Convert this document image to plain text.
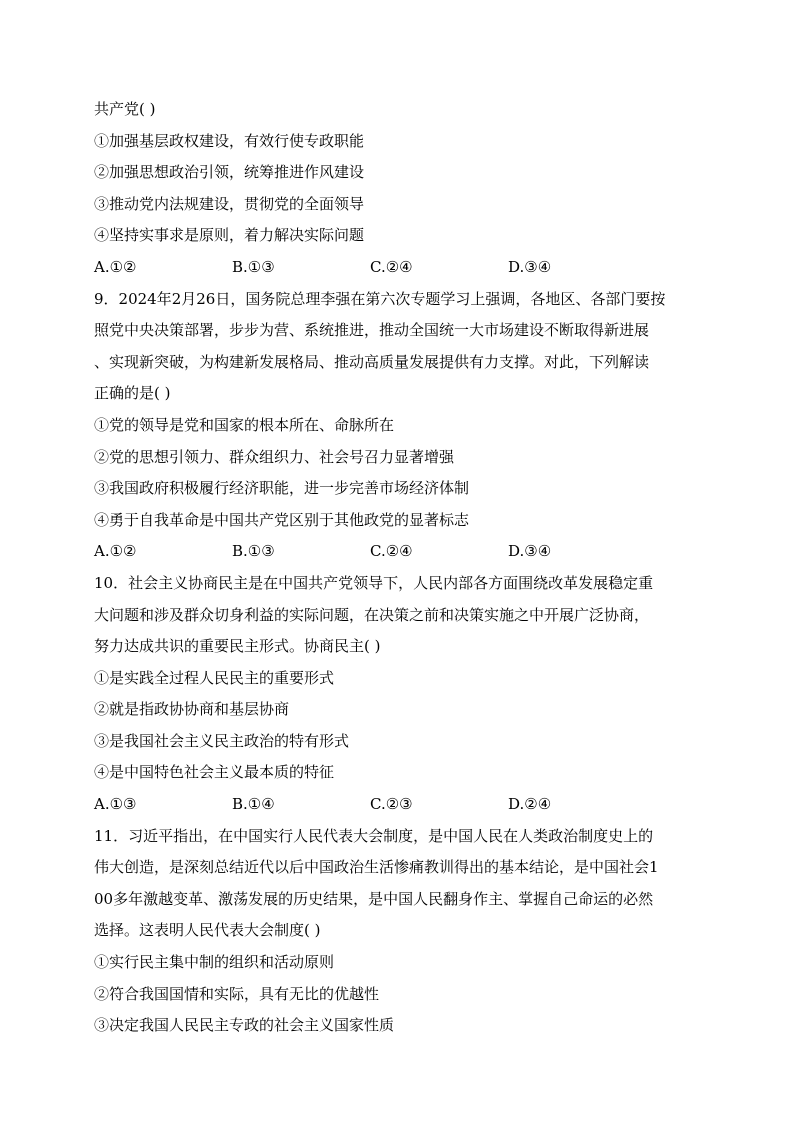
共产党( )
①加强基层政权建设，有效行使专政职能
②加强思想政治引领，统筹推进作风建设
③推动党内法规建设，贯彻党的全面领导
④坚持实事求是原则，着力解决实际问题
A.①②	B.①③	C.②④	D.③④
9．2024年2月26日，国务院总理李强在第六次专题学习上强调，各地区、各部门要按
照党中央决策部署，步步为营、系统推进，推动全国统一大市场建设不断取得新进展
、实现新突破，为构建新发展格局、推动高质量发展提供有力支撑。对此，下列解读
正确的是( )
①党的领导是党和国家的根本所在、命脉所在
②党的思想引领力、群众组织力、社会号召力显著增强
③我国政府积极履行经济职能，进一步完善市场经济体制
④勇于自我革命是中国共产党区别于其他政党的显著标志
A.①②	B.①③	C.②④	D.③④
10．社会主义协商民主是在中国共产党领导下，人民内部各方面围绕改革发展稳定重
大问题和涉及群众切身利益的实际问题，在决策之前和决策实施之中开展广泛协商，
努力达成共识的重要民主形式。协商民主( )
①是实践全过程人民民主的重要形式
②就是指政协协商和基层协商
③是我国社会主义民主政治的特有形式
④是中国特色社会主义最本质的特征
A.①③	B.①④	C.②③	D.②④
11．习近平指出，在中国实行人民代表大会制度，是中国人民在人类政治制度史上的
伟大创造，是深刻总结近代以后中国政治生活惨痛教训得出的基本结论，是中国社会1
00多年激越变革、激荡发展的历史结果，是中国人民翻身作主、掌握自己命运的必然
选择。这表明人民代表大会制度( )
①实行民主集中制的组织和活动原则
②符合我国国情和实际，具有无比的优越性
③决定我国人民民主专政的社会主义国家性质
